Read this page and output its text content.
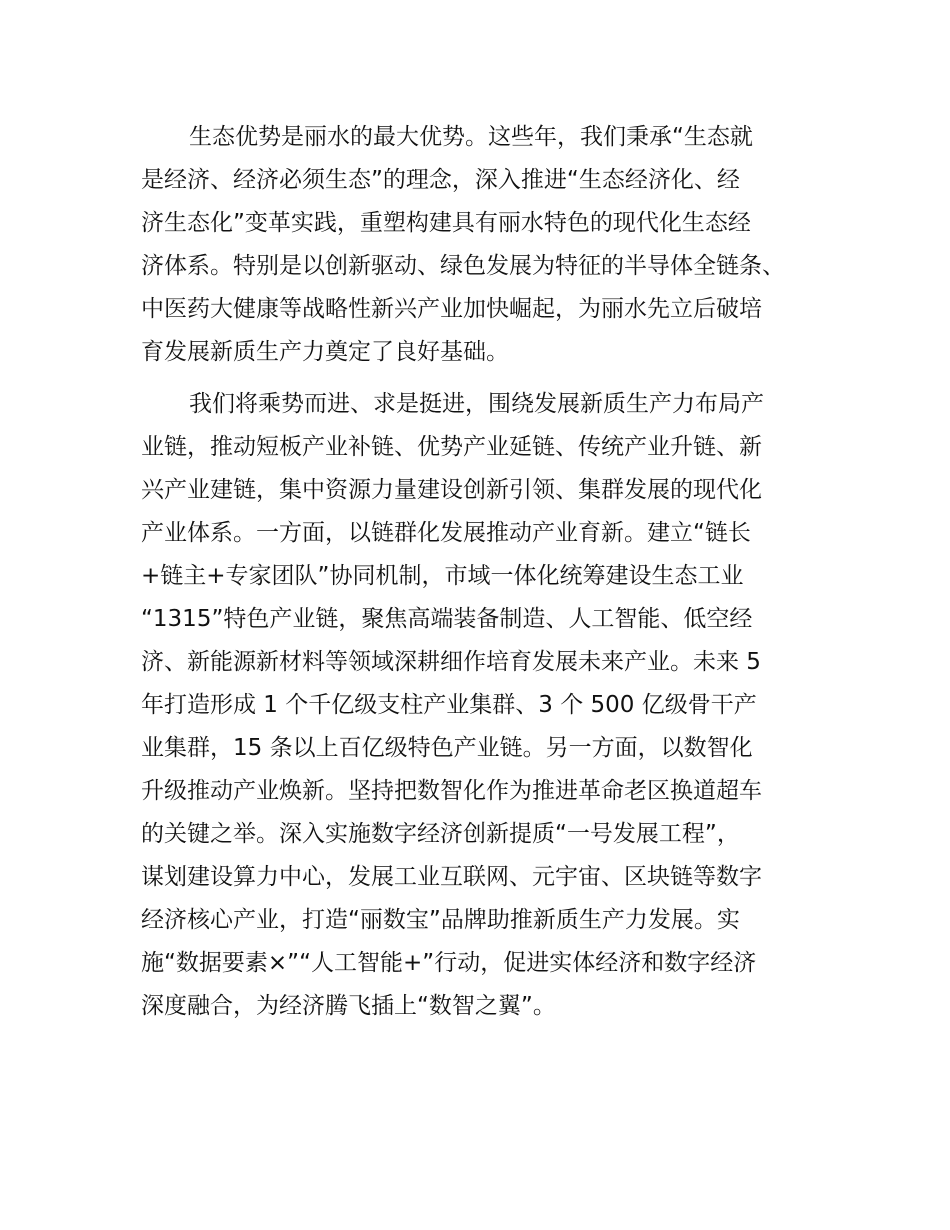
生态优势是丽水的最大优势。这些年，我们秉承“生态就
是经济、经济必须生态”的理念，深入推进“生态经济化、经
济生态化”变革实践，重塑构建具有丽水特色的现代化生态经
济体系。特别是以创新驱动、绿色发展为特征的半导体全链条、
中医药大健康等战略性新兴产业加快崛起，为丽水先立后破培
育发展新质生产力奠定了良好基础。
我们将乘势而进、求是挺进，围绕发展新质生产力布局产
业链，推动短板产业补链、优势产业延链、传统产业升链、新
兴产业建链，集中资源力量建设创新引领、集群发展的现代化
产业体系。一方面，以链群化发展推动产业育新。建立“链长
+链主+专家团队”协同机制，市域一体化统筹建设生态工业
“1315”特色产业链，聚焦高端装备制造、人工智能、低空经
济、新能源新材料等领域深耕细作培育发展未来产业。未来 5
年打造形成 1 个千亿级支柱产业集群、3 个 500 亿级骨干产
业集群，15 条以上百亿级特色产业链。另一方面，以数智化
升级推动产业焕新。坚持把数智化作为推进革命老区换道超车
的关键之举。深入实施数字经济创新提质“一号发展工程”，
谋划建设算力中心，发展工业互联网、元宇宙、区块链等数字
经济核心产业，打造“丽数宝”品牌助推新质生产力发展。实
施“数据要素×”“人工智能+”行动，促进实体经济和数字经济
深度融合，为经济腾飞插上“数智之翼”。
